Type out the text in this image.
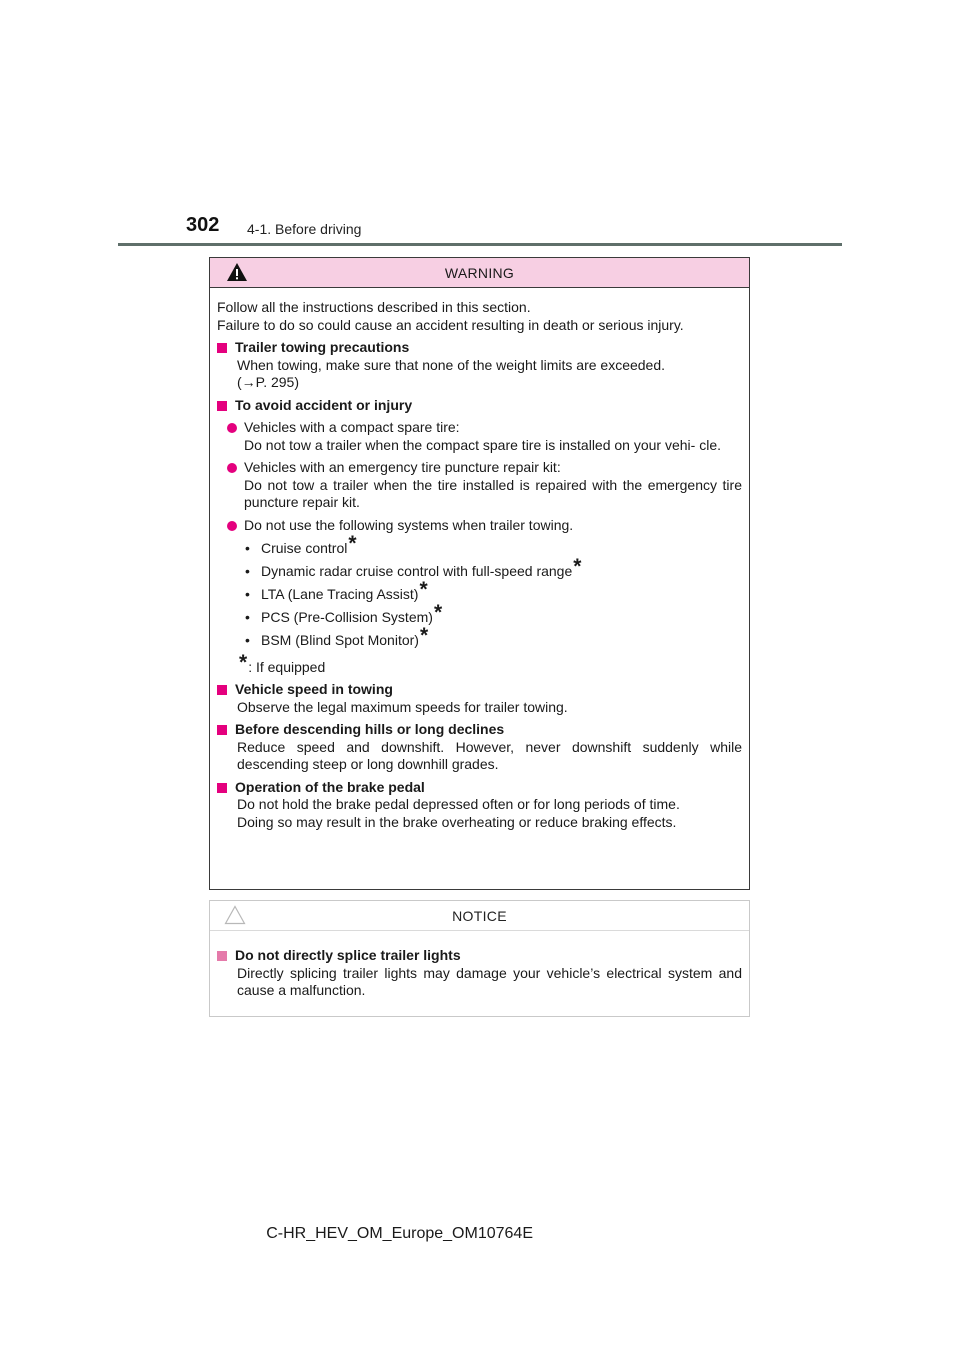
302 4-1. Before driving
WARNING

Follow all the instructions described in this section.

Failure to do so could cause an accident resulting in death or serious injury.

Trailer towing precautions
When towing, make sure that none of the weight limits are exceeded.
(→P. 295)
To avoid accident or injury
Vehicles with a compact spare tire:
Do not tow a trailer when the compact spare tire is installed on your vehi- cle.
Vehicles with an emergency tire puncture repair kit:
Do not tow a trailer when the tire installed is repaired with the emergency tire puncture repair kit.
Do not use the following systems when trailer towing.
• Cruise control *
• Dynamic radar cruise control with full-speed range *
• LTA (Lane Tracing Assist) *
• PCS (Pre-Collision System) *
• BSM (Blind Spot Monitor) *
* : If equipped
Vehicle speed in towing
Observe the legal maximum speeds for trailer towing.
Before descending hills or long declines
Reduce speed and downshift. However, never downshift suddenly while descending steep or long downhill grades.
Operation of the brake pedal
Do not hold the brake pedal depressed often or for long periods of time.
Doing so may result in the brake overheating or reduce braking effects.
NOTICE
Do not directly splice trailer lights
Directly splicing trailer lights may damage your vehicle’s electrical system and cause a malfunction.
C-HR_HEV_OM_Europe_OM10764E
